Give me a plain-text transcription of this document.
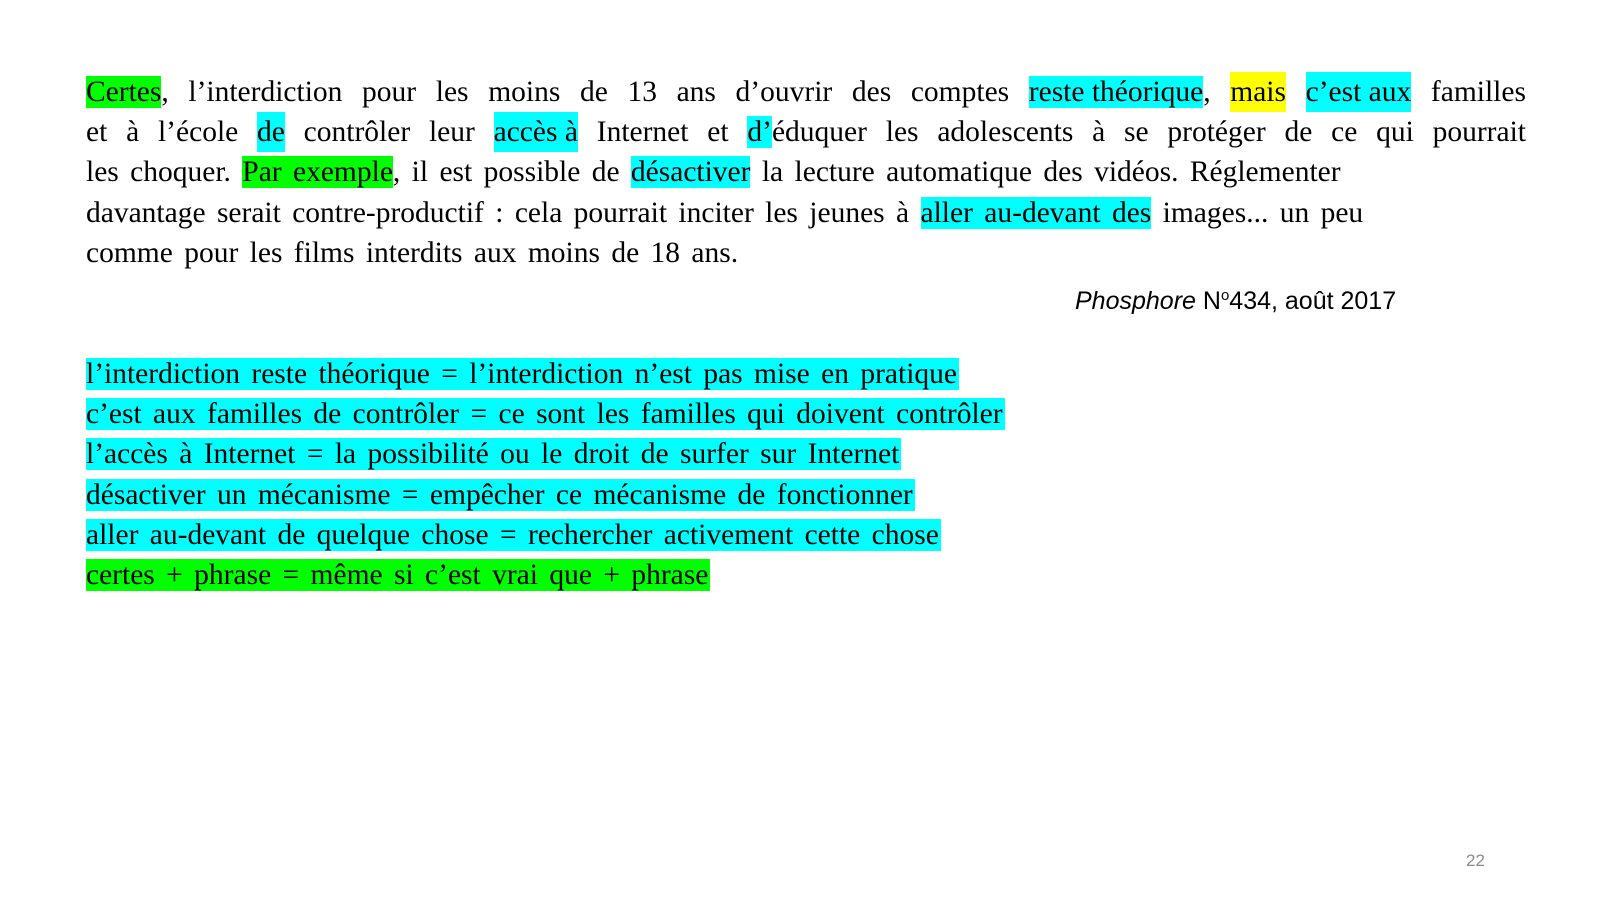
Certes, l’interdiction pour les moins de 13 ans d’ouvrir des comptes reste théorique, mais c’est aux familles
et à l’école de contrôler leur accès à Internet et d’éduquer les adolescents à se protéger de ce qui pourrait
les choquer. Par exemple, il est possible de désactiver la lecture automatique des vidéos. Réglementer
davantage serait contre-productif : cela pourrait inciter les jeunes à aller au-devant des images... un peu
comme pour les films interdits aux moins de 18 ans.
Phosphore $N^o434$, août 2017
l’interdiction reste théorique = l’interdiction n’est pas mise en pratique
c’est aux familles de contrôler = ce sont les familles qui doivent contrôler
l’accès à Internet = la possibilité ou le droit de surfer sur Internet
désactiver un mécanisme = empêcher ce mécanisme de fonctionner
aller au-devant de quelque chose = rechercher activement cette chose
certes + phrase = même si c’est vrai que + phrase
22
